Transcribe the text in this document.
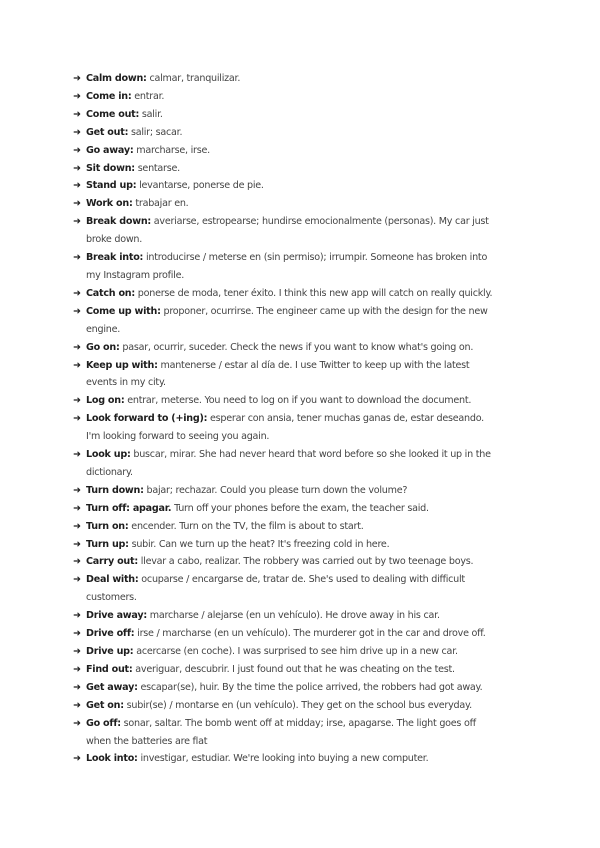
➜ Calm down: calmar, tranquilizar.
➜ Come in: entrar.
➜ Come out: salir.
➜ Get out: salir; sacar.
➜ Go away: marcharse, irse.
➜ Sit down: sentarse.
➜ Stand up: levantarse, ponerse de pie.
➜ Work on: trabajar en.
➜ Break down: averiarse, estropearse; hundirse emocionalmente (personas). My car just broke down.
➜ Break into: introducirse / meterse en (sin permiso); irrumpir. Someone has broken into my Instagram profile.
➜ Catch on: ponerse de moda, tener éxito. I think this new app will catch on really quickly.
➜ Come up with: proponer, ocurrirse. The engineer came up with the design for the new engine.
➜ Go on: pasar, ocurrir, suceder. Check the news if you want to know what's going on.
➜ Keep up with: mantenerse / estar al día de. I use Twitter to keep up with the latest events in my city.
➜ Log on: entrar, meterse. You need to log on if you want to download the document.
➜ Look forward to (+ing): esperar con ansia, tener muchas ganas de, estar deseando. I'm looking forward to seeing you again.
➜ Look up: buscar, mirar. She had never heard that word before so she looked it up in the dictionary.
➜ Turn down: bajar; rechazar. Could you please turn down the volume?
➜ Turn off: apagar. Turn off your phones before the exam, the teacher said.
➜ Turn on: encender. Turn on the TV, the film is about to start.
➜ Turn up: subir. Can we turn up the heat? It's freezing cold in here.
➜ Carry out: llevar a cabo, realizar. The robbery was carried out by two teenage boys.
➜ Deal with: ocuparse / encargarse de, tratar de. She's used to dealing with difficult customers.
➜ Drive away: marcharse / alejarse (en un vehículo). He drove away in his car.
➜ Drive off: irse / marcharse (en un vehículo). The murderer got in the car and drove off.
➜ Drive up: acercarse (en coche). I was surprised to see him drive up in a new car.
➜ Find out: averiguar, descubrir. I just found out that he was cheating on the test.
➜ Get away: escapar(se), huir. By the time the police arrived, the robbers had got away.
➜ Get on: subir(se) / montarse en (un vehículo). They get on the school bus everyday.
➜ Go off: sonar, saltar. The bomb went off at midday; irse, apagarse. The light goes off when the batteries are flat
➜ Look into: investigar, estudiar. We're looking into buying a new computer.
